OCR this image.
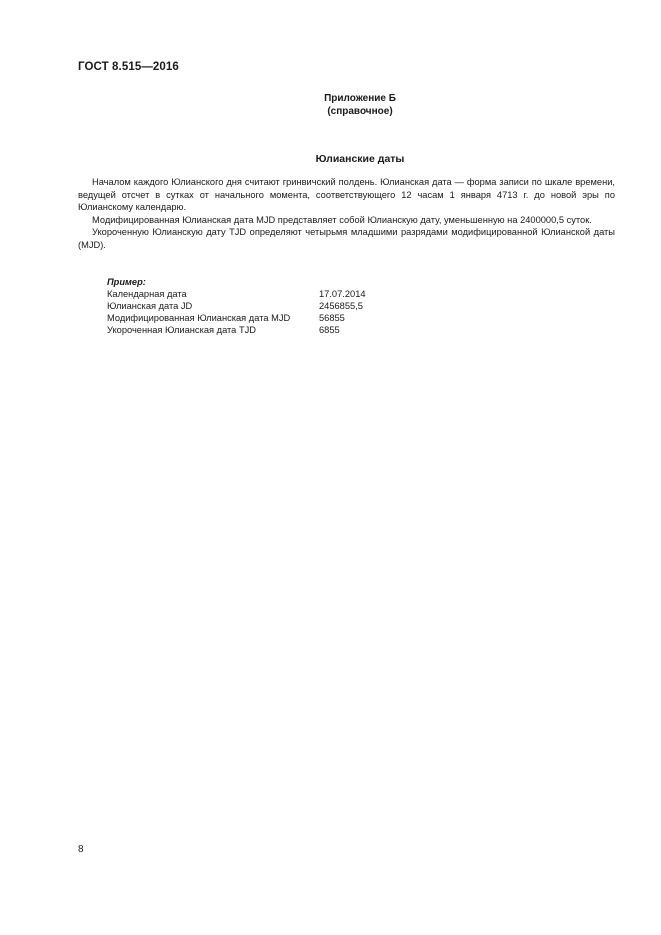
ГОСТ 8.515—2016
Приложение Б
(справочное)
Юлианские даты

Началом каждого Юлианского дня считают гринвичский полдень. Юлианская дата — форма записи по шкале времени, ведущей отсчет в сутках от начального момента, соответствующего 12 часам 1 января 4713 г. до новой эры по Юлианскому календарю.

Модифицированная Юлианская дата MJD представляет собой Юлианскую дату, уменьшенную на 2400000,5 суток.

Укороченную Юлианскую дату TJD определяют четырьмя младшими разрядами модифицированной Юлианской даты (MJD).

Пример:
Календарная дата	17.07.2014
Юлианская дата JD	2456855,5
Модифицированная Юлианская дата MJD	56855
Укороченная Юлианская дата TJD	6855
8
